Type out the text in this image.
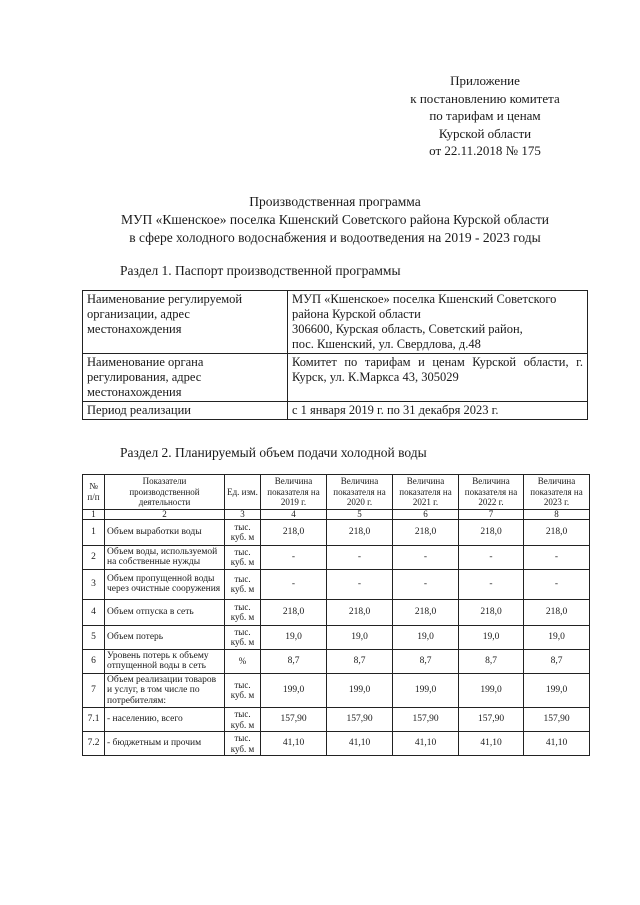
Приложение
к постановлению комитета
по тарифам и ценам
Курской области
от 22.11.2018 № 175
Производственная программа
МУП «Кшенское» поселка Кшенский Советского района Курской области
в сфере холодного водоснабжения и водоотведения на 2019 - 2023 годы
Раздел 1. Паспорт производственной программы
Наименование регулируемой организации, адрес местонахождения	МУП «Кшенское» поселка Кшенский Советского района Курской области
306600, Курская область, Советский район,
пос. Кшенский, ул. Свердлова, д.48

Наименование органа регулирования, адрес местонахождения	Комитет по тарифам и ценам Курской области, г. Курск, ул. К.Маркса 43, 305029

Период реализации	с 1 января 2019 г. по 31 декабря 2023 г.
Раздел 2. Планируемый объем подачи холодной воды
№ п/п	Показатели производственной деятельности	Ед. изм.	Величина показателя на 2019 г.	Величина показателя на 2020 г.	Величина показателя на 2021 г.	Величина показателя на 2022 г.	Величина показателя на 2023 г.
1	2	3	4	5	6	7	8
1	Объем выработки воды	тыс. куб. м	218,0	218,0	218,0	218,0	218,0
2	Объем воды, используемой на собственные нужды	тыс. куб. м	-	-	-	-	-
3	Объем пропущенной воды через очистные сооружения	тыс. куб. м	-	-	-	-	-
4	Объем отпуска в сеть	тыс. куб. м	218,0	218,0	218,0	218,0	218,0
5	Объем потерь	тыс. куб. м	19,0	19,0	19,0	19,0	19,0
6	Уровень потерь к объему отпущенной воды в сеть	%	8,7	8,7	8,7	8,7	8,7
7	Объем реализации товаров и услуг, в том числе по потребителям:	тыс. куб. м	199,0	199,0	199,0	199,0	199,0
7.1	- населению, всего	тыс. куб. м	157,90	157,90	157,90	157,90	157,90
7.2	- бюджетным и прочим	тыс. куб. м	41,10	41,10	41,10	41,10	41,10
